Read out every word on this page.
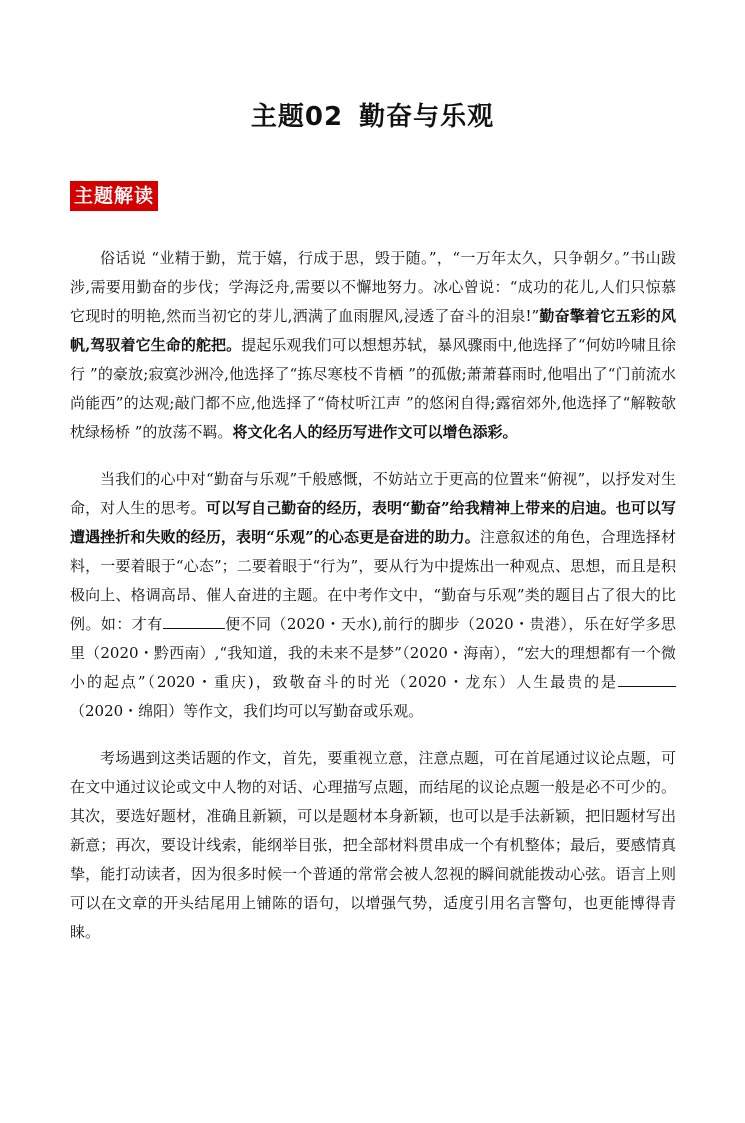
主题02 勤奋与乐观
主题解读

俗话说 “业精于勤，荒于嬉，行成于思，毁于随。”，“一万年太久，只争朝夕。”书山跋涉,需要用勤奋的步伐；学海泛舟,需要以不懈地努力。冰心曾说：“成功的花儿,人们只惊慕它现时的明艳,然而当初它的芽儿,洒满了血雨腥风,浸透了奋斗的泪泉!”勤奋擎着它五彩的风帆,驾驭着它生命的舵把。提起乐观我们可以想想苏轼，暴风骤雨中,他选择了“何妨吟啸且徐行 ”的豪放;寂寞沙洲冷,他选择了“拣尽寒枝不肯栖 ”的孤傲;萧萧暮雨时,他唱出了“门前流水尚能西”的达观;敲门都不应,他选择了“倚杖听江声 ”的悠闲自得;露宿郊外,他选择了“解鞍欹枕绿杨桥 ”的放荡不羁。将文化名人的经历写进作文可以增色添彩。

当我们的心中对“勤奋与乐观”千般感慨，不妨站立于更高的位置来“俯视”，以抒发对生命，对人生的思考。可以写自己勤奋的经历，表明“勤奋”给我精神上带来的启迪。也可以写遭遇挫折和失败的经历，表明“乐观”的心态更是奋进的助力。注意叙述的角色，合理选择材料，一要着眼于“心态”；二要着眼于“行为”，要从行为中提炼出一种观点、思想，而且是积极向上、格调高昂、催人奋进的主题。在中考作文中，“勤奋与乐观”类的题目占了很大的比例。如：才有	便不同（2020・天水),前行的脚步（2020・贵港），乐在好学多思里（2020・黔西南）,“我知道，我的未来不是梦”（2020・海南），“宏大的理想都有一个微小的起点”（2020・重庆)，致敬奋斗的时光（2020・龙东）人生最贵的是（2020・绵阳）等作文，我们均可以写勤奋或乐观。

考场遇到这类话题的作文，首先，要重视立意，注意点题，可在首尾通过议论点题，可在文中通过议论或文中人物的对话、心理描写点题，而结尾的议论点题一般是必不可少的。其次，要选好题材，准确且新颖，可以是题材本身新颖，也可以是手法新颖，把旧题材写出新意；再次，要设计线索，能纲举目张，把全部材料贯串成一个有机整体；最后，要感情真挚，能打动读者，因为很多时候一个普通的常常会被人忽视的瞬间就能拨动心弦。语言上则可以在文章的开头结尾用上铺陈的语句，以增强气势，适度引用名言警句，也更能博得青睐。
